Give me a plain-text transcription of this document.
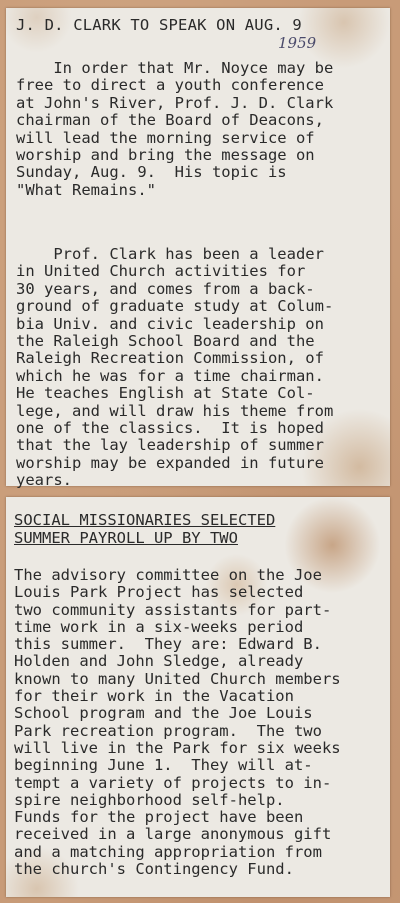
J. D. CLARK TO SPEAK ON AUG. 9
1959

In order that Mr. Noyce may be
free to direct a youth conference
at John's River, Prof. J. D. Clark
chairman of the Board of Deacons,
will lead the morning service of
worship and bring the message on
Sunday, Aug. 9.  His topic is
"What Remains."

Prof. Clark has been a leader
in United Church activities for
30 years, and comes from a back-
ground of graduate study at Colum-
bia Univ. and civic leadership on
the Raleigh School Board and the
Raleigh Recreation Commission, of
which he was for a time chairman.
He teaches English at State Col-
lege, and will draw his theme from
one of the classics.  It is hoped
that the lay leadership of summer
worship may be expanded in future
years.

SOCIAL MISSIONARIES SELECTED
SUMMER PAYROLL UP BY TWO

The advisory committee on the Joe
Louis Park Project has selected
two community assistants for part-
time work in a six-weeks period
this summer.  They are: Edward B.
Holden and John Sledge, already
known to many United Church members
for their work in the Vacation
School program and the Joe Louis
Park recreation program.  The two
will live in the Park for six weeks
beginning June 1.  They will at-
tempt a variety of projects to in-
spire neighborhood self-help.
Funds for the project have been
received in a large anonymous gift
and a matching appropriation from
the church's Contingency Fund.
